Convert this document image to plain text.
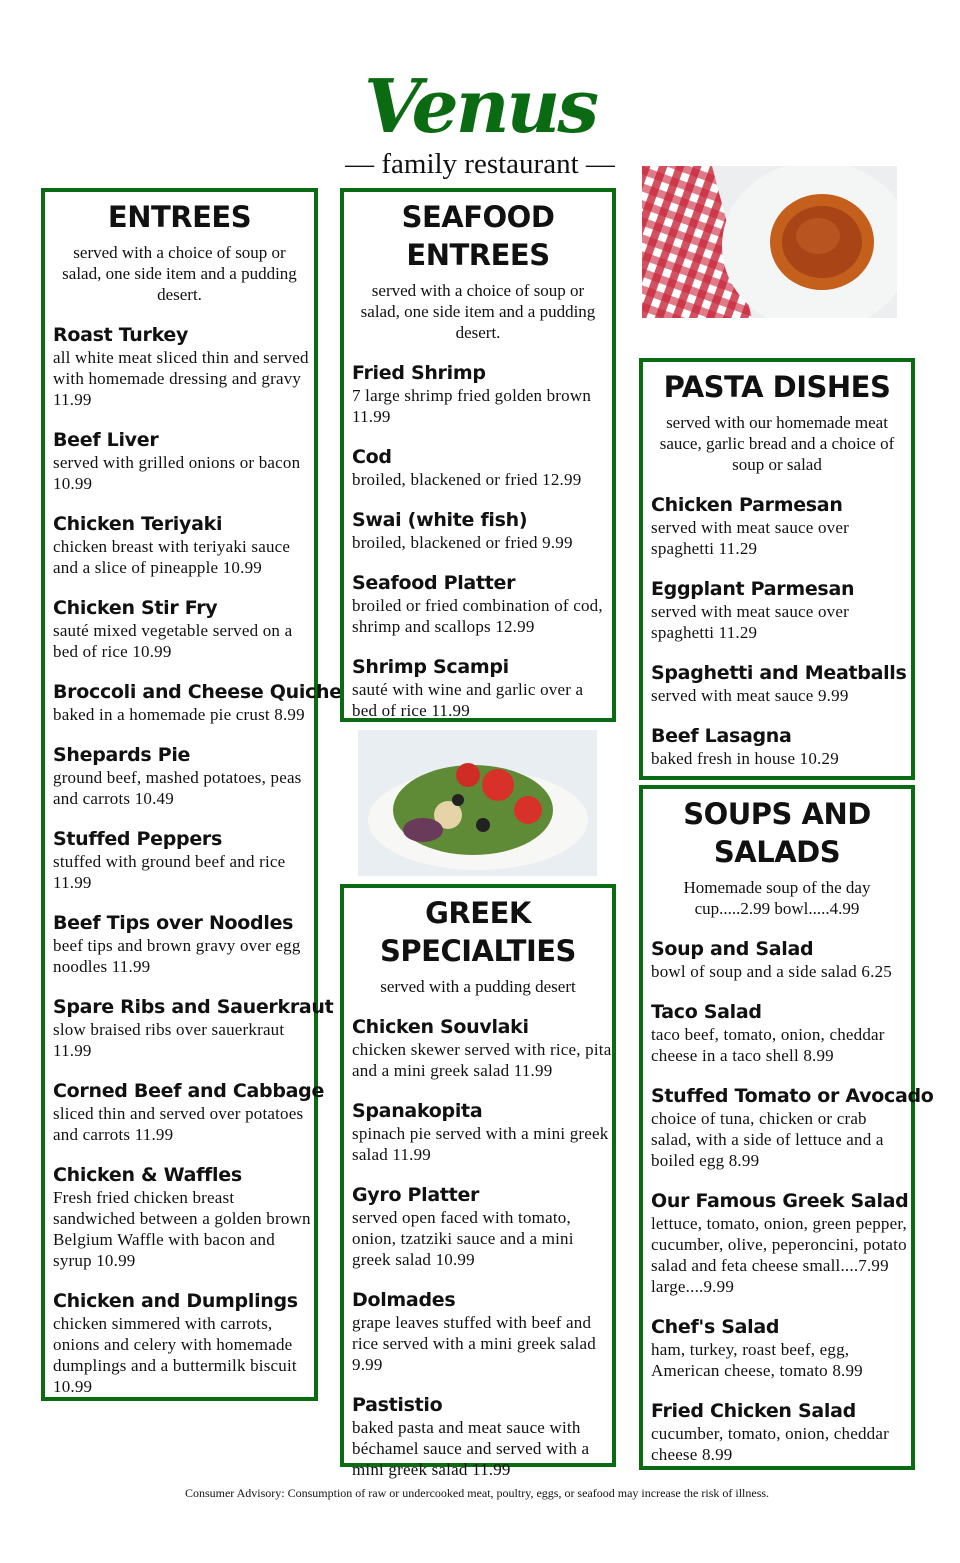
Venus
— family restaurant —
ENTREES
served with a choice of soup or salad, one side item and a pudding desert.
Roast Turkey
all white meat sliced thin and served with homemade dressing and gravy 11.99
Beef Liver
served with grilled onions or bacon 10.99
Chicken Teriyaki
chicken breast with teriyaki sauce and a slice of pineapple 10.99
Chicken Stir Fry
sauté mixed vegetable served on a bed of rice 10.99
Broccoli and Cheese Quiche
baked in a homemade pie crust 8.99
Shepards Pie
ground beef, mashed potatoes, peas and carrots 10.49
Stuffed Peppers
stuffed with ground beef and rice 11.99
Beef Tips over Noodles
beef tips and brown gravy over egg noodles 11.99
Spare Ribs and Sauerkraut
slow braised ribs over sauerkraut 11.99
Corned Beef and Cabbage
sliced thin and served over potatoes and carrots 11.99
Chicken & Waffles
Fresh fried chicken breast sandwiched between a golden brown Belgium Waffle with bacon and syrup 10.99
Chicken and Dumplings
chicken simmered with carrots, onions and celery with homemade dumplings and a buttermilk biscuit 10.99
SEAFOOD ENTREES
served with a choice of soup or salad, one side item and a pudding desert.
Fried Shrimp
7 large shrimp fried golden brown 11.99
Cod
broiled, blackened or fried 12.99
Swai (white fish)
broiled, blackened or fried 9.99
Seafood Platter
broiled or fried combination of cod, shrimp and scallops 12.99
Shrimp Scampi
sauté with wine and garlic over a bed of rice 11.99
GREEK SPECIALTIES
served with a pudding desert
Chicken Souvlaki
chicken skewer served with rice, pita and a mini greek salad 11.99
Spanakopita
spinach pie served with a mini greek salad 11.99
Gyro Platter
served open faced with tomato, onion, tzatziki sauce and a mini greek salad 10.99
Dolmades
grape leaves stuffed with beef and rice served with a mini greek salad 9.99
Pastistio
baked pasta and meat sauce with béchamel sauce and served with a mini greek salad 11.99
PASTA DISHES
served with our homemade meat sauce, garlic bread and a choice of soup or salad
Chicken Parmesan
served with meat sauce over spaghetti 11.29
Eggplant Parmesan
served with meat sauce over spaghetti 11.29
Spaghetti and Meatballs
served with meat sauce 9.99
Beef Lasagna
baked fresh in house 10.29
SOUPS AND SALADS
Homemade soup of the day cup.....2.99 bowl.....4.99
Soup and Salad
bowl of soup and a side salad 6.25
Taco Salad
taco beef, tomato, onion, cheddar cheese in a taco shell 8.99
Stuffed Tomato or Avocado
choice of tuna, chicken or crab salad, with a side of lettuce and a boiled egg 8.99
Our Famous Greek Salad
lettuce, tomato, onion, green pepper, cucumber, olive, peperoncini, potato salad and feta cheese small....7.99 large....9.99
Chef's Salad
ham, turkey, roast beef, egg, American cheese, tomato 8.99
Fried Chicken Salad
cucumber, tomato, onion, cheddar cheese 8.99
Consumer Advisory: Consumption of raw or undercooked meat, poultry, eggs, or seafood may increase the risk of illness.
